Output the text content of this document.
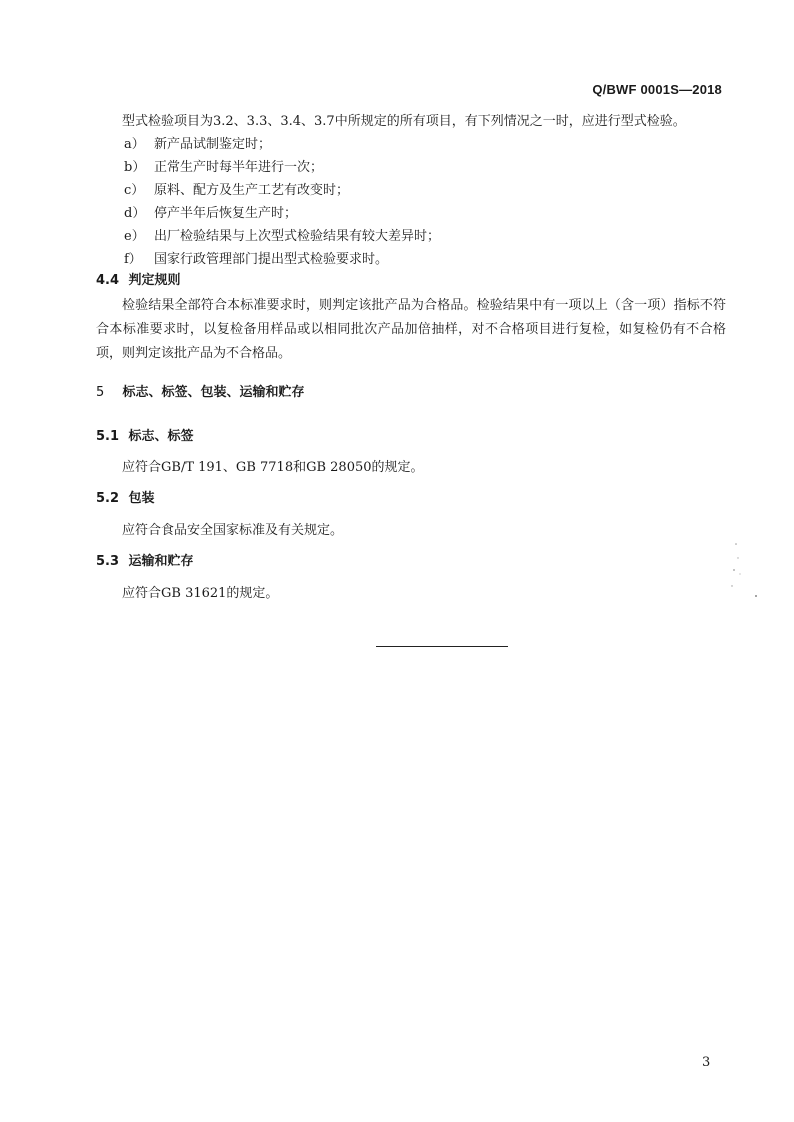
Q/BWF 0001S—2018
型式检验项目为3.2、3.3、3.4、3.7中所规定的所有项目，有下列情况之一时，应进行型式检验。
a） 新产品试制鉴定时；
b） 正常生产时每半年进行一次；
c） 原料、配方及生产工艺有改变时；
d） 停产半年后恢复生产时；
e） 出厂检验结果与上次型式检验结果有较大差异时；
f） 国家行政管理部门提出型式检验要求时。
4.4 判定规则
检验结果全部符合本标准要求时，则判定该批产品为合格品。检验结果中有一项以上（含一项）指标不符合本标准要求时，以复检备用样品或以相同批次产品加倍抽样，对不合格项目进行复检，如复检仍有不合格项，则判定该批产品为不合格品。
5 标志、标签、包装、运输和贮存
5.1 标志、标签
应符合GB/T 191、GB 7718和GB 28050的规定。
5.2 包装
应符合食品安全国家标准及有关规定。
5.3 运输和贮存
应符合GB 31621的规定。
3
